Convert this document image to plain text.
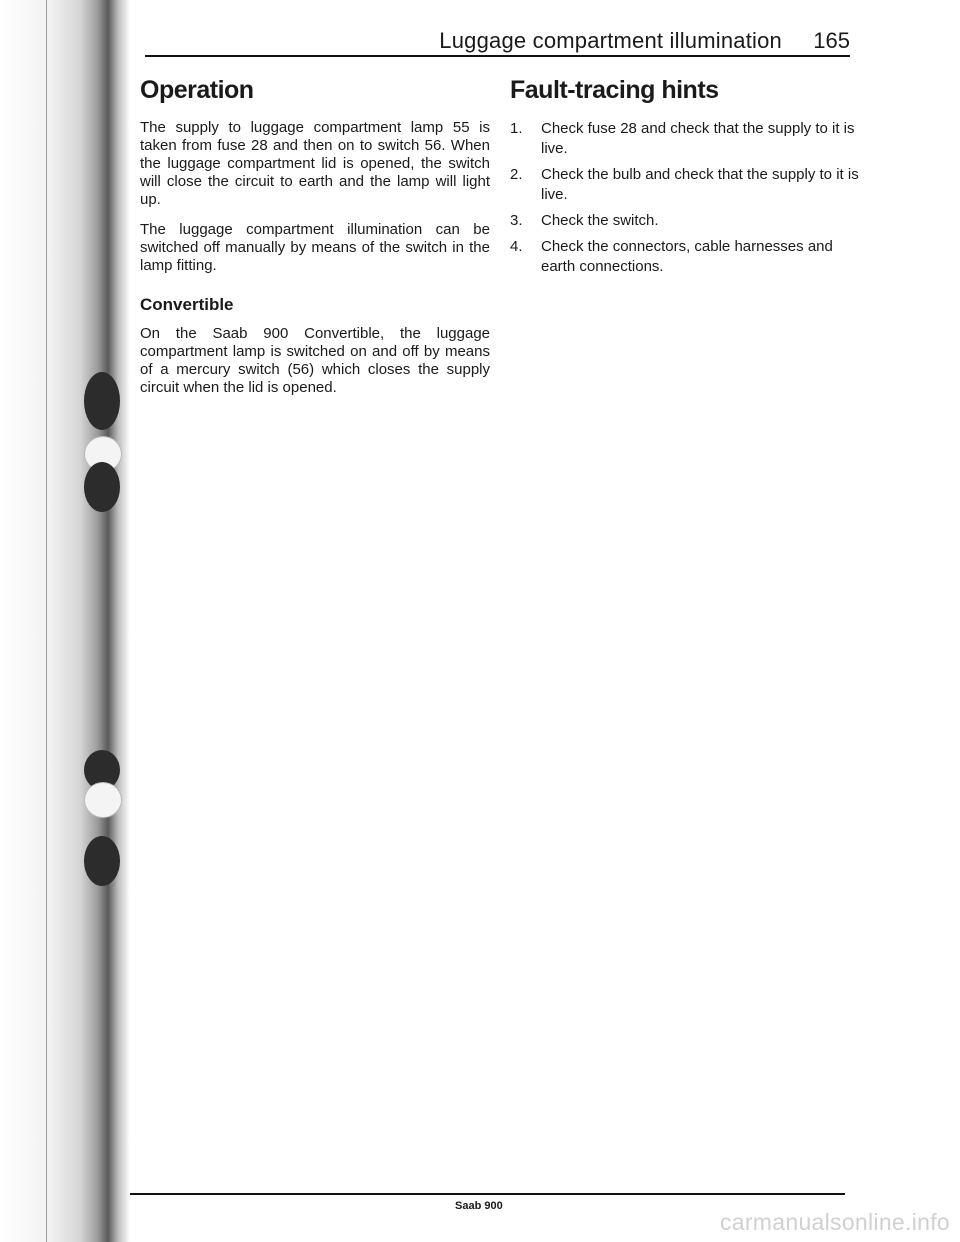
Luggage compartment illumination 165
Operation

The supply to luggage compartment lamp 55 is taken from fuse 28 and then on to switch 56. When the luggage compartment lid is opened, the switch will close the circuit to earth and the lamp will light up.

The luggage compartment illumination can be switched off manually by means of the switch in the lamp fitting.

Convertible

On the Saab 900 Convertible, the luggage compartment lamp is switched on and off by means of a mercury switch (56) which closes the supply circuit when the lid is opened.

Fault-tracing hints
1. Check fuse 28 and check that the supply to it is live.
2. Check the bulb and check that the supply to it is live.
3. Check the switch.
4. Check the connectors, cable harnesses and earth connections.
Saab 900
carmanualsonline.info
